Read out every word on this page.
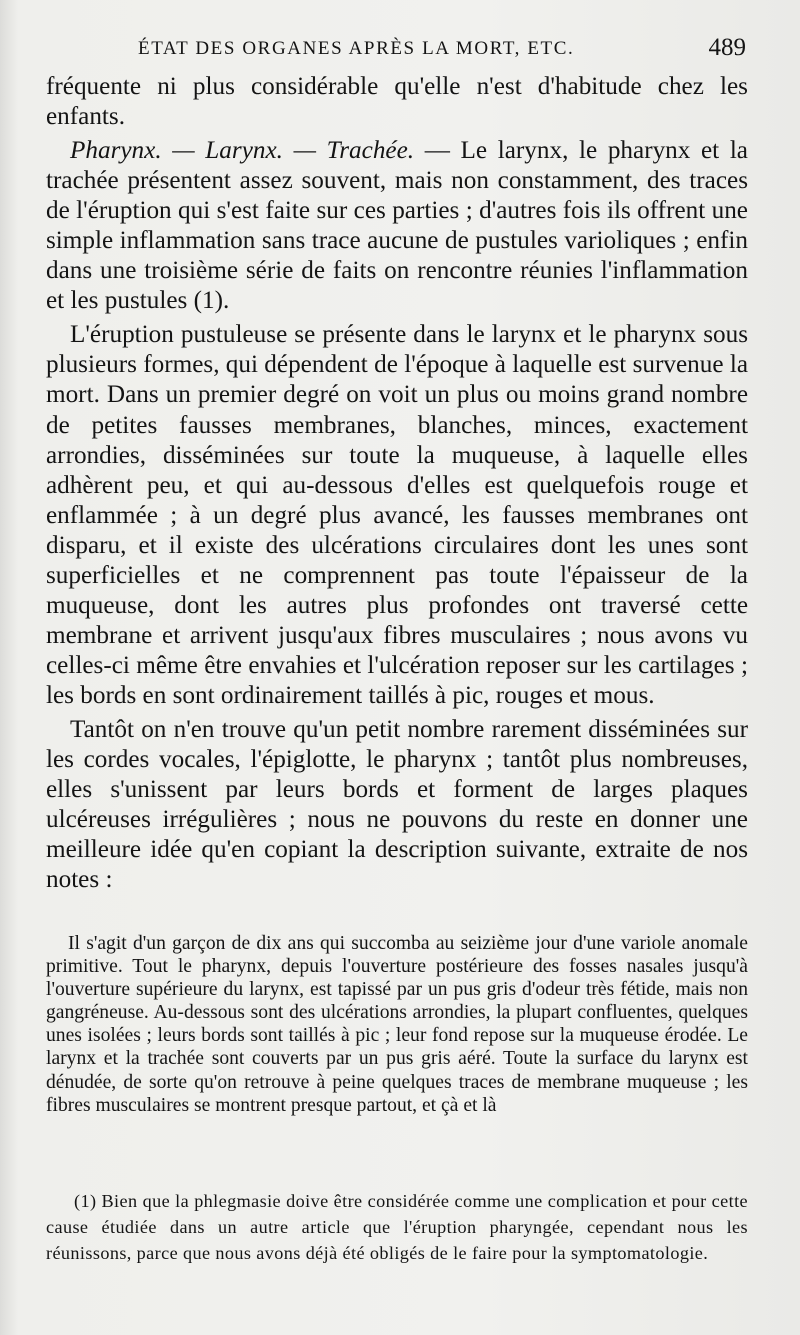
ÉTAT DES ORGANES APRÈS LA MORT, ETC.	489

fréquente ni plus considérable qu'elle n'est d'habitude chez les enfants.

Pharynx. — Larynx. — Trachée. — Le larynx, le pharynx et la trachée présentent assez souvent, mais non constamment, des traces de l'éruption qui s'est faite sur ces parties ; d'autres fois ils offrent une simple inflammation sans trace aucune de pustules varioliques ; enfin dans une troisième série de faits on rencontre réunies l'inflammation et les pustules (1).

L'éruption pustuleuse se présente dans le larynx et le pharynx sous plusieurs formes, qui dépendent de l'époque à laquelle est survenue la mort. Dans un premier degré on voit un plus ou moins grand nombre de petites fausses membranes, blanches, minces, exactement arrondies, disséminées sur toute la muqueuse, à laquelle elles adhèrent peu, et qui au-dessous d'elles est quelquefois rouge et enflammée ; à un degré plus avancé, les fausses membranes ont disparu, et il existe des ulcérations circulaires dont les unes sont superficielles et ne comprennent pas toute l'épaisseur de la muqueuse, dont les autres plus profondes ont traversé cette membrane et arrivent jusqu'aux fibres musculaires ; nous avons vu celles-ci même être envahies et l'ulcération reposer sur les cartilages ; les bords en sont ordinairement taillés à pic, rouges et mous.

Tantôt on n'en trouve qu'un petit nombre rarement disséminées sur les cordes vocales, l'épiglotte, le pharynx ; tantôt plus nombreuses, elles s'unissent par leurs bords et forment de larges plaques ulcéreuses irrégulières ; nous ne pouvons du reste en donner une meilleure idée qu'en copiant la description suivante, extraite de nos notes :

Il s'agit d'un garçon de dix ans qui succomba au seizième jour d'une variole anomale primitive. Tout le pharynx, depuis l'ouverture postérieure des fosses nasales jusqu'à l'ouverture supérieure du larynx, est tapissé par un pus gris d'odeur très fétide, mais non gangréneuse. Au-dessous sont des ulcérations arrondies, la plupart confluentes, quelques unes isolées ; leurs bords sont taillés à pic ; leur fond repose sur la muqueuse érodée. Le larynx et la trachée sont couverts par un pus gris aéré. Toute la surface du larynx est dénudée, de sorte qu'on retrouve à peine quelques traces de membrane muqueuse ; les fibres musculaires se montrent presque partout, et çà et là

(1) Bien que la phlegmasie doive être considérée comme une complication et pour cette cause étudiée dans un autre article que l'éruption pharyngée, cependant nous les réunissons, parce que nous avons déjà été obligés de le faire pour la symptomatologie.
